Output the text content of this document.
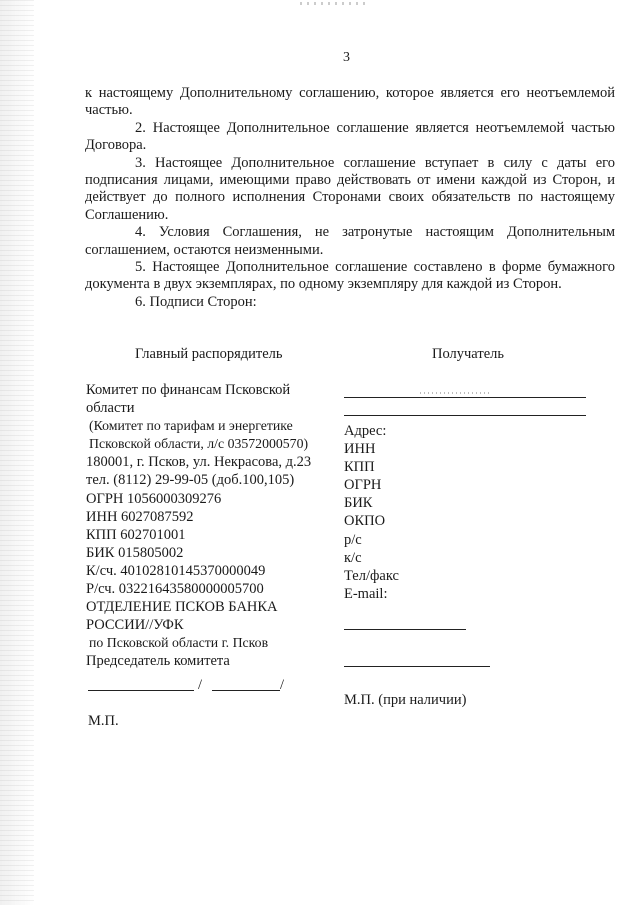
3

к настоящему Дополнительному соглашению, которое является его неотъемлемой частью.

2. Настоящее Дополнительное соглашение является неотъемлемой частью Договора.

3. Настоящее Дополнительное соглашение вступает в силу с даты его подписания лицами, имеющими право действовать от имени каждой из Сторон, и действует до полного исполнения Сторонами своих обязательств по настоящему Соглашению.

4. Условия Соглашения, не затронутые настоящим Дополнительным соглашением, остаются неизменными.

5. Настоящее Дополнительное соглашение составлено в форме бумажного документа в двух экземплярах, по одному экземпляру для каждой из Сторон.

6. Подписи Сторон:

Главный распорядитель	Получатель
Комитет по финансам Псковской
области
(Комитет по тарифам и энергетике
Псковской области, л/с 03572000570)
180001, г. Псков, ул. Некрасова, д.23
тел. (8112) 29-99-05 (доб.100,105)
ОГРН 1056000309276
ИНН 6027087592
КПП 602701001
БИК 015805002
К/сч. 40102810145370000049
Р/сч. 03221643580000005700
ОТДЕЛЕНИЕ ПСКОВ БАНКА
РОССИИ//УФК
по Псковской области г. Псков
Председатель комитета
/	/
М.П.
Адрес:
ИНН
КПП
ОГРН
БИК
ОКПО
р/с
к/с
Тел/факс
E-mail:
М.П. (при наличии)
